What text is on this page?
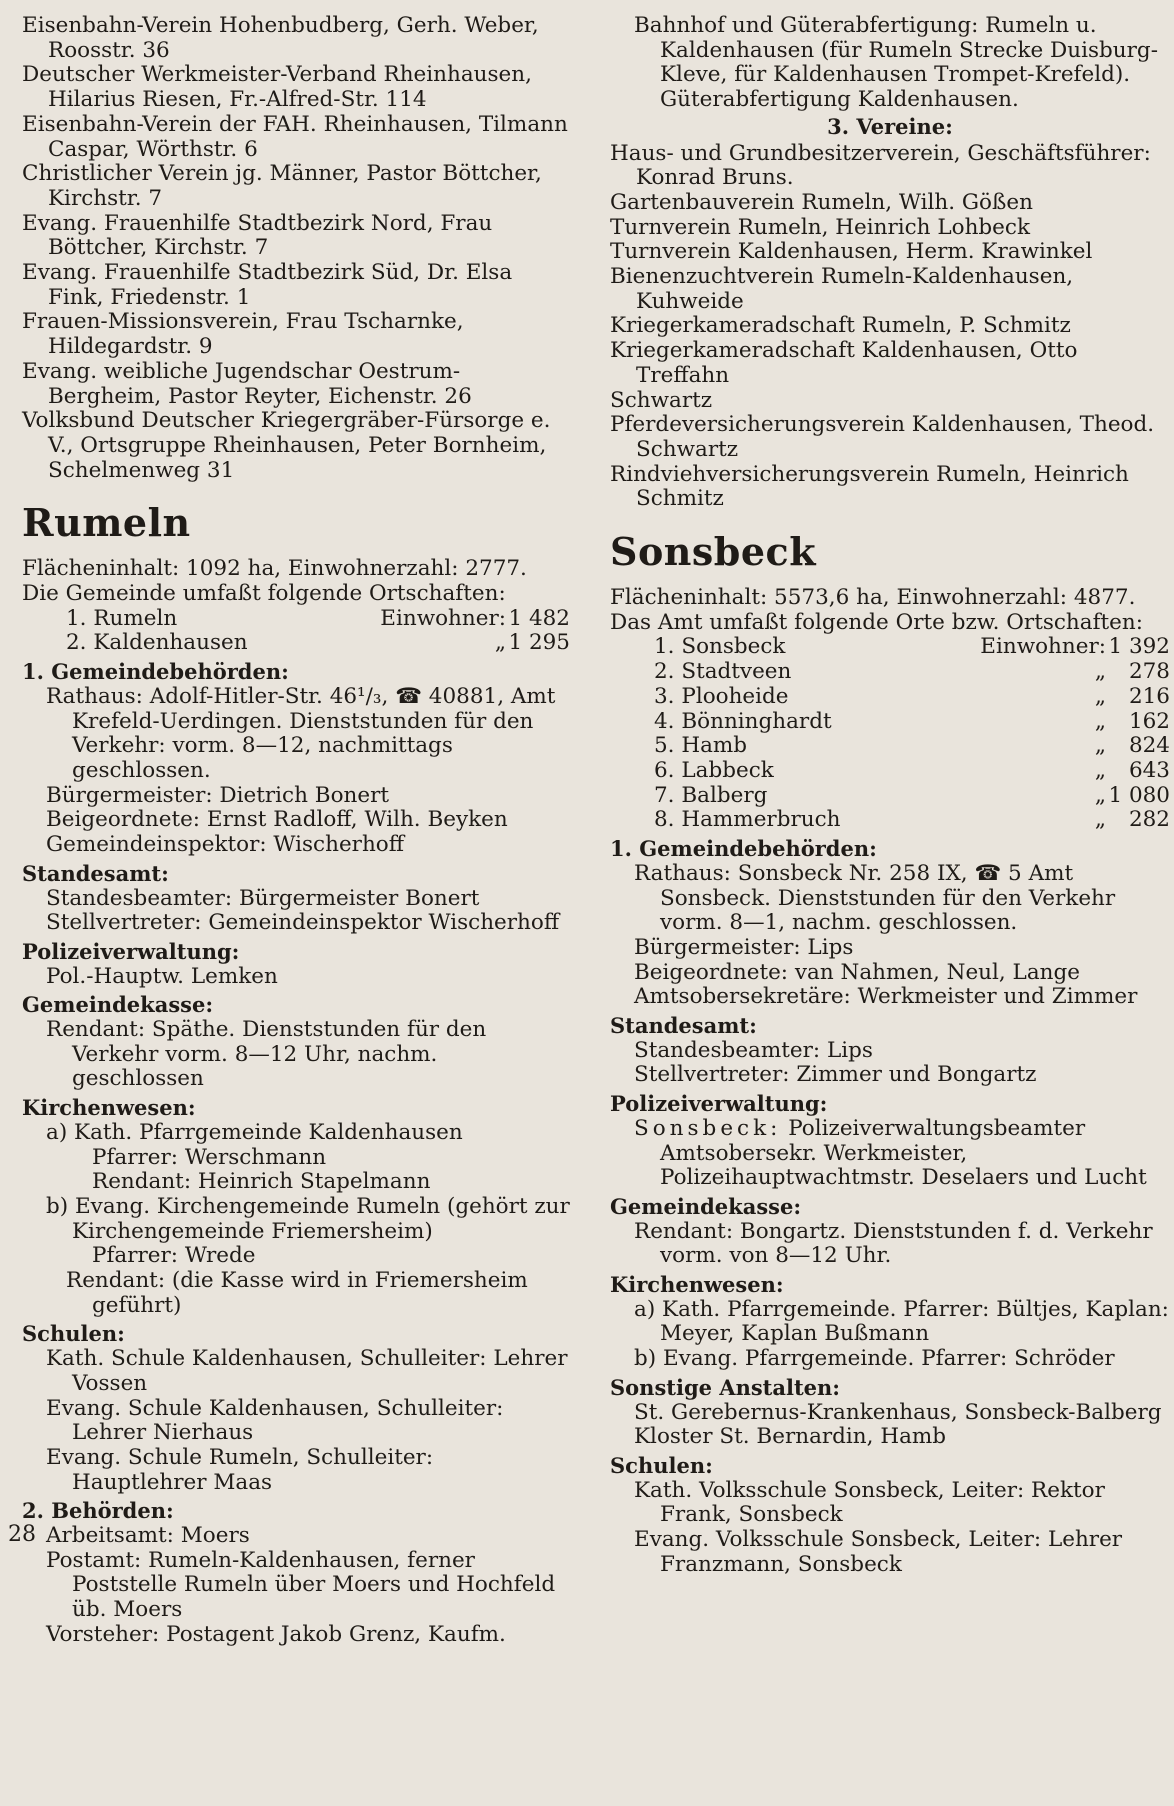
Eisenbahn-Verein Hohenbudberg, Gerh. Weber, Roosstr. 36
Deutscher Werkmeister-Verband Rheinhausen, Hilarius Riesen, Fr.-Alfred-Str. 114
Eisenbahn-Verein der FAH. Rheinhausen, Tilmann Caspar, Wörthstr. 6
Christlicher Verein jg. Männer, Pastor Böttcher, Kirchstr. 7
Evang. Frauenhilfe Stadtbezirk Nord, Frau Böttcher, Kirchstr. 7
Evang. Frauenhilfe Stadtbezirk Süd, Dr. Elsa Fink, Friedenstr. 1
Frauen-Missionsverein, Frau Tscharnke, Hildegardstr. 9
Evang. weibliche Jugendschar Oestrum-Bergheim, Pastor Reyter, Eichenstr. 26
Volksbund Deutscher Kriegergräber-Fürsorge e. V., Ortsgruppe Rheinhausen, Peter Bornheim, Schelmenweg 31
Rumeln
Flächeninhalt: 1092 ha, Einwohnerzahl: 2777.
Die Gemeinde umfaßt folgende Ortschaften:
1. Rumeln	Einwohner: 1 482
2. Kaldenhausen	„ 1 295
1. Gemeindebehörden:
Rathaus: Adolf-Hitler-Str. 46¹/₃, ☎ 40881, Amt Krefeld-Uerdingen. Dienststunden für den Verkehr: vorm. 8—12, nachmittags geschlossen.
Bürgermeister: Dietrich Bonert
Beigeordnete: Ernst Radloff, Wilh. Beyken
Gemeindeinspektor: Wischerhoff
Standesamt:
Standesbeamter: Bürgermeister Bonert
Stellvertreter: Gemeindeinspektor Wischerhoff
Polizeiverwaltung:
Pol.-Hauptw. Lemken
Gemeindekasse:
Rendant: Späthe. Dienststunden für den Verkehr vorm. 8—12 Uhr, nachm. geschlossen
Kirchenwesen:
a) Kath. Pfarrgemeinde Kaldenhausen
Pfarrer: Werschmann
Rendant: Heinrich Stapelmann
b) Evang. Kirchengemeinde Rumeln (gehört zur Kirchengemeinde Friemersheim)
Pfarrer: Wrede
Rendant: (die Kasse wird in Friemersheim geführt)
Schulen:
Kath. Schule Kaldenhausen, Schulleiter: Lehrer Vossen
Evang. Schule Kaldenhausen, Schulleiter: Lehrer Nierhaus
Evang. Schule Rumeln, Schulleiter: Hauptlehrer Maas
2. Behörden:
Arbeitsamt: Moers
Postamt: Rumeln-Kaldenhausen, ferner Poststelle Rumeln über Moers und Hochfeld üb. Moers
Vorsteher: Postagent Jakob Grenz, Kaufm.
Bahnhof und Güterabfertigung: Rumeln u. Kaldenhausen (für Rumeln Strecke Duisburg-Kleve, für Kaldenhausen Trompet-Krefeld). Güterabfertigung Kaldenhausen.
3. Vereine:
Haus- und Grundbesitzerverein, Geschäftsführer: Konrad Bruns.
Gartenbauverein Rumeln, Wilh. Gößen
Turnverein Rumeln, Heinrich Lohbeck
Turnverein Kaldenhausen, Herm. Krawinkel
Bienenzuchtverein Rumeln-Kaldenhausen, Kuhweide
Kriegerkameradschaft Rumeln, P. Schmitz
Kriegerkameradschaft Kaldenhausen, Otto Treffahn
Schwartz
Pferdeversicherungsverein Kaldenhausen, Theod. Schwartz
Rindviehversicherungsverein Rumeln, Heinrich Schmitz
Sonsbeck
Flächeninhalt: 5573,6 ha, Einwohnerzahl: 4877.
Das Amt umfaßt folgende Orte bzw. Ortschaften:
1. Sonsbeck	Einwohner: 1 392
2. Stadtveen	„	278
3. Plooheide	„	216
4. Bönninghardt	„	162
5. Hamb	„	824
6. Labbeck	„	643
7. Balberg	„ 1 080
8. Hammerbruch	„	282
1. Gemeindebehörden:
Rathaus: Sonsbeck Nr. 258 IX, ☎ 5 Amt Sonsbeck. Dienststunden für den Verkehr vorm. 8—1, nachm. geschlossen.
Bürgermeister: Lips
Beigeordnete: van Nahmen, Neul, Lange
Amtsobersekretäre: Werkmeister und Zimmer
Standesamt:
Standesbeamter: Lips
Stellvertreter: Zimmer und Bongartz
Polizeiverwaltung:
Sonsbeck: Polizeiverwaltungsbeamter Amtsobersekr. Werkmeister, Polizeihauptwachtmstr. Deselaers und Lucht
Gemeindekasse:
Rendant: Bongartz. Dienststunden f. d. Verkehr vorm. von 8—12 Uhr.
Kirchenwesen:
a) Kath. Pfarrgemeinde. Pfarrer: Bültjes, Kaplan: Meyer, Kaplan Bußmann
b) Evang. Pfarrgemeinde. Pfarrer: Schröder
Sonstige Anstalten:
St. Gerebernus-Krankenhaus, Sonsbeck-Balberg
Kloster St. Bernardin, Hamb
Schulen:
Kath. Volksschule Sonsbeck, Leiter: Rektor Frank, Sonsbeck
Evang. Volksschule Sonsbeck, Leiter: Lehrer Franzmann, Sonsbeck
28
